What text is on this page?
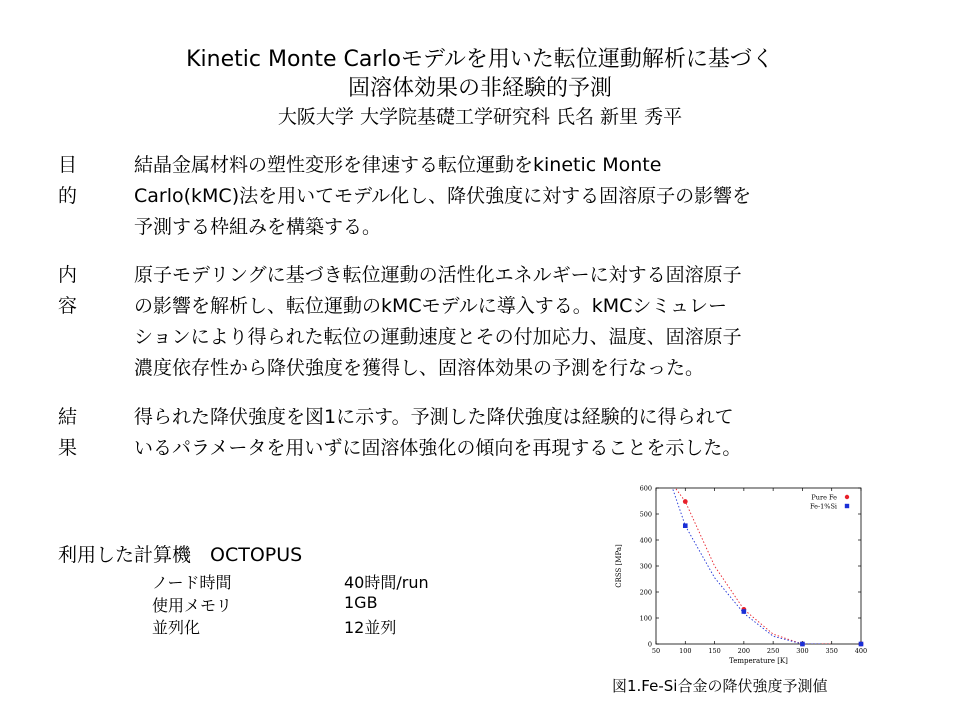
Kinetic Monte Carloモデルを用いた転位運動解析に基づく
固溶体効果の非経験的予測
大阪大学 大学院基礎工学研究科 氏名 新里 秀平
目的
結晶金属材料の塑性変形を律速する転位運動をkinetic Monte
Carlo(kMC)法を用いてモデル化し、降伏強度に対する固溶原子の影響を
予測する枠組みを構築する。
内容
原子モデリングに基づき転位運動の活性化エネルギーに対する固溶原子
の影響を解析し、転位運動のkMCモデルに導入する。kMCシミュレー
ションにより得られた転位の運動速度とその付加応力、温度、固溶原子
濃度依存性から降伏強度を獲得し、固溶体効果の予測を行なった。
結果
得られた降伏強度を図1に示す。予測した降伏強度は経験的に得られて
いるパラメータを用いずに固溶体強化の傾向を再現することを示した。
利用した計算機　OCTOPUS
ノード時間	40時間/run
使用メモリ	1GB
並列化	12並列
50	100	150	200	250	300	350	400
0
100
200
300
400
500
600
Temperature [K]
CRSS [MPa]
Pure Fe
Fe-1%Si
図1.Fe-Si合金の降伏強度予測値
